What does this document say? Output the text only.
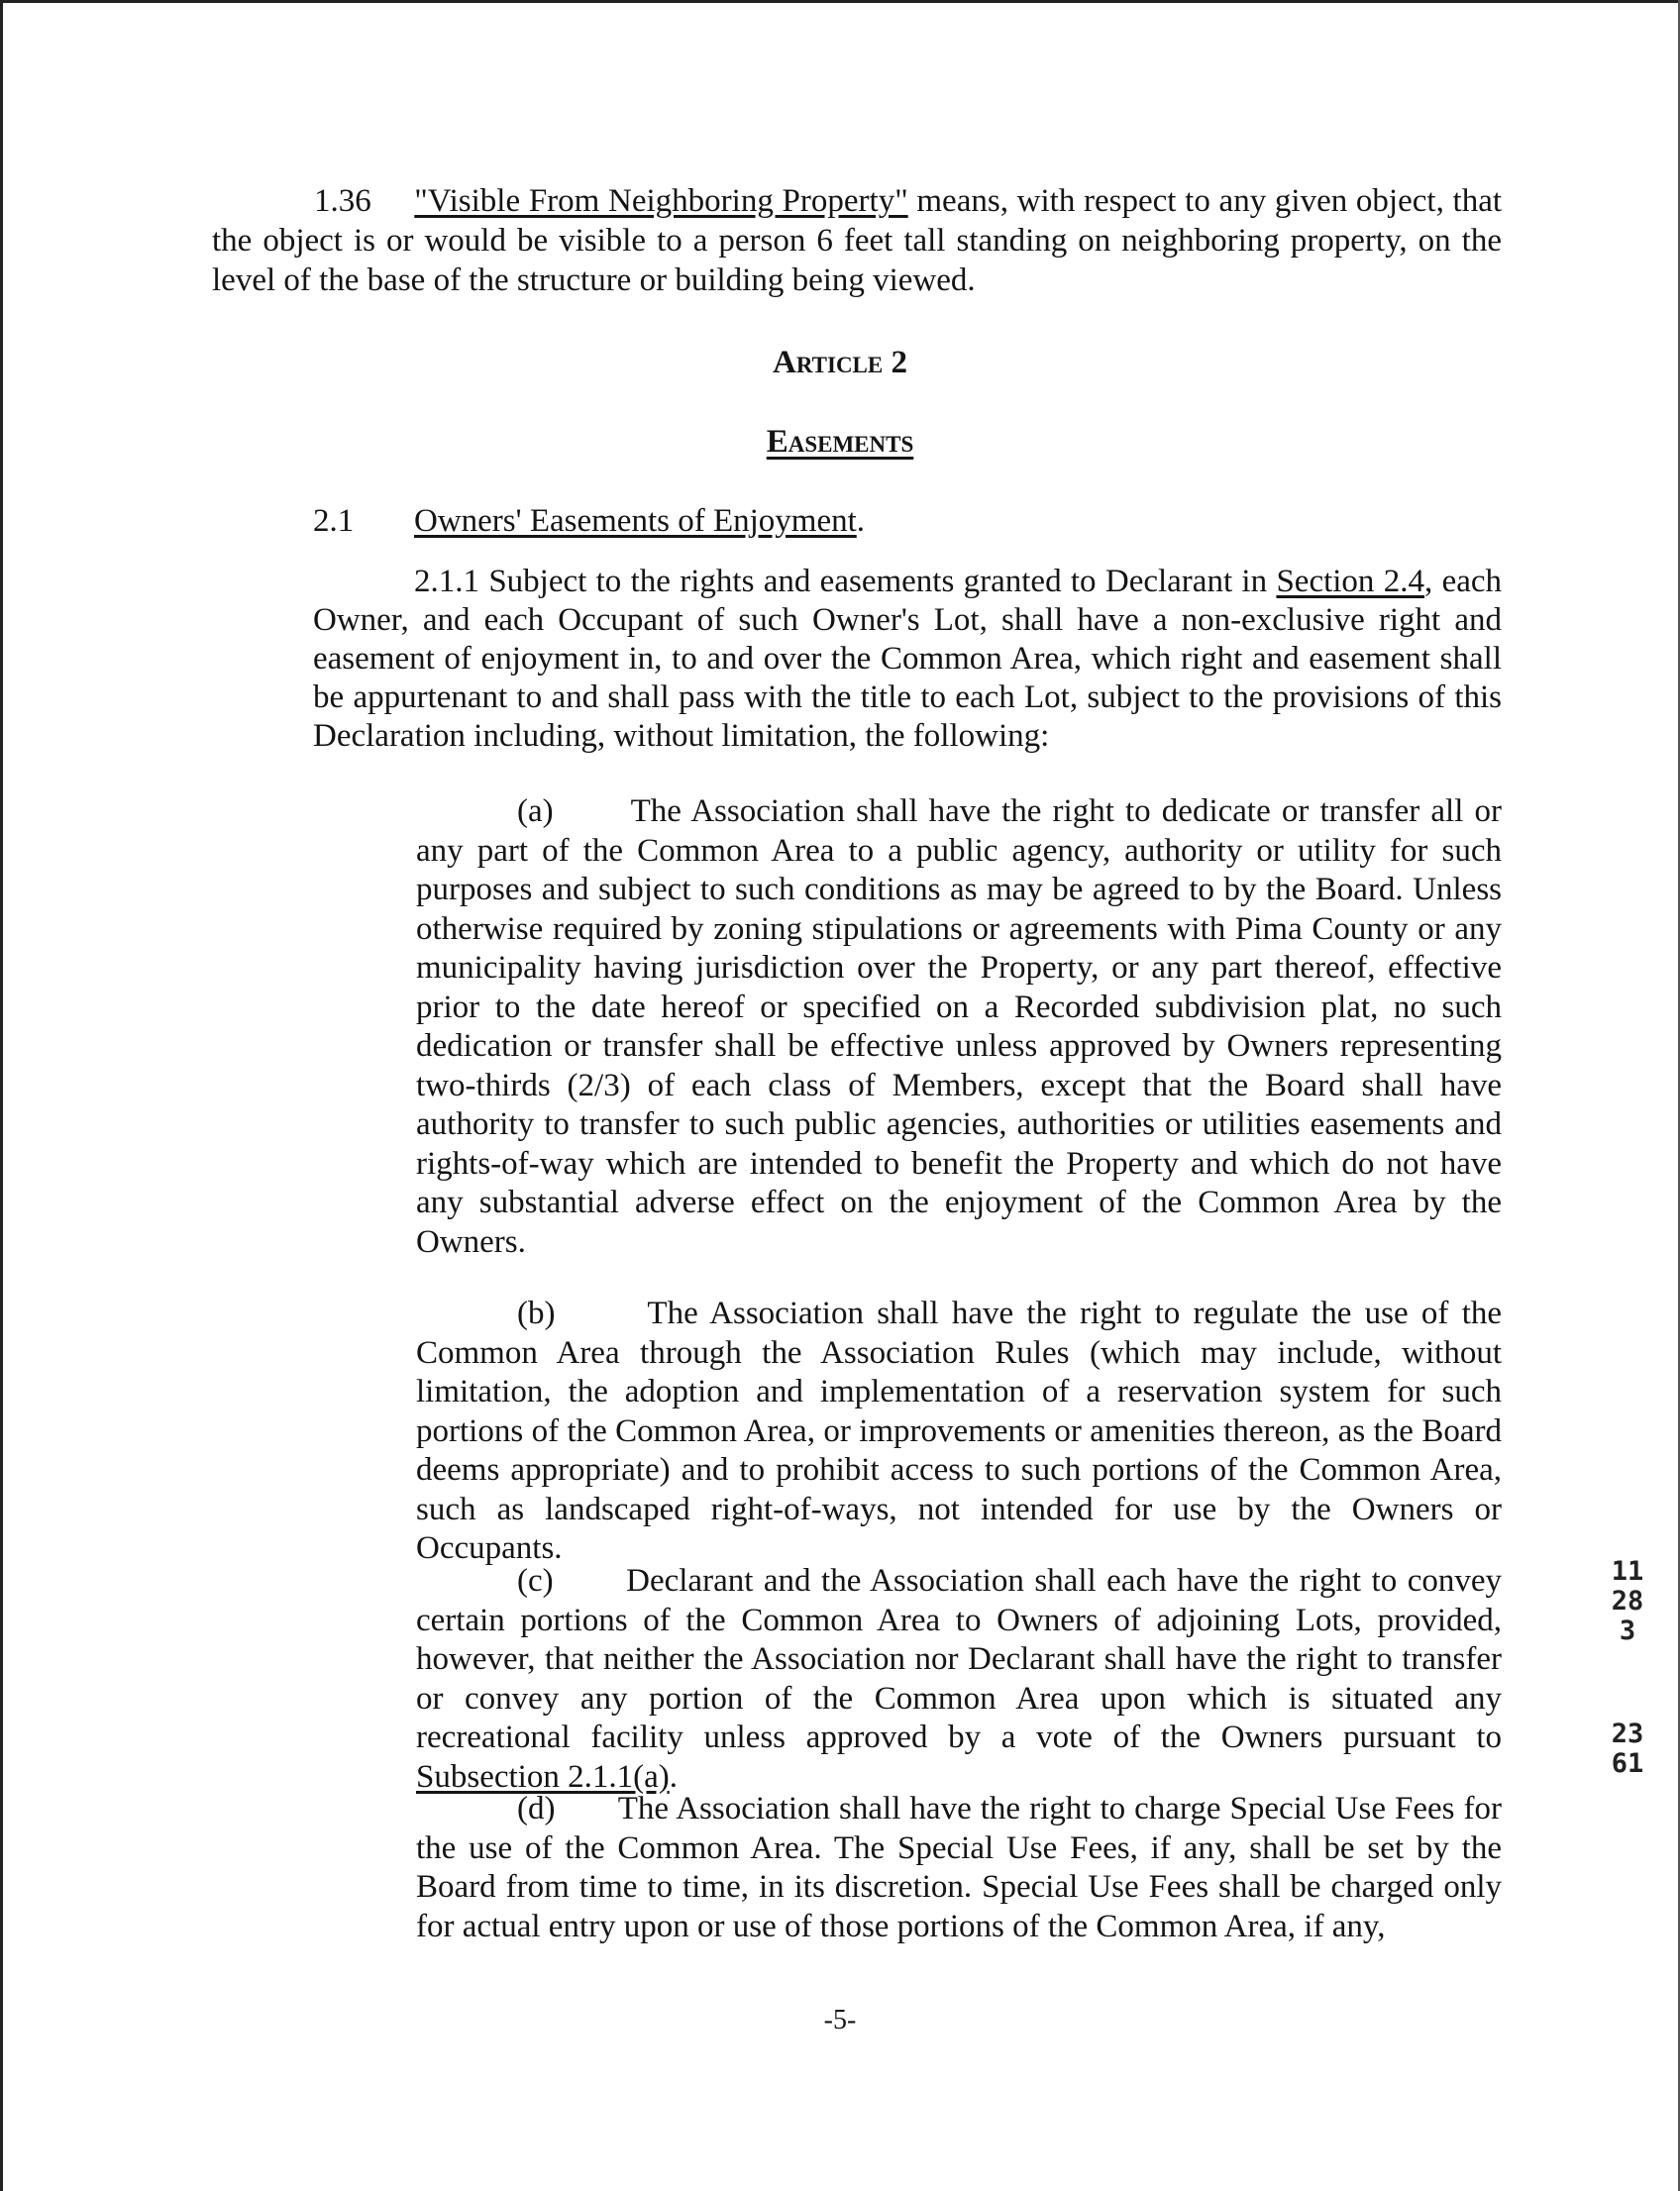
1.36 "Visible From Neighboring Property" means, with respect to any given object, that the object is or would be visible to a person 6 feet tall standing on neighboring property, on the level of the base of the structure or building being viewed.

Article 2
Easements

2.1 Owners' Easements of Enjoyment.

2.1.1 Subject to the rights and easements granted to Declarant in Section 2.4, each Owner, and each Occupant of such Owner's Lot, shall have a non-exclusive right and easement of enjoyment in, to and over the Common Area, which right and easement shall be appurtenant to and shall pass with the title to each Lot, subject to the provisions of this Declaration including, without limitation, the following:

(a) The Association shall have the right to dedicate or transfer all or any part of the Common Area to a public agency, authority or utility for such purposes and subject to such conditions as may be agreed to by the Board. Unless otherwise required by zoning stipulations or agreements with Pima County or any municipality having jurisdiction over the Property, or any part thereof, effective prior to the date hereof or specified on a Recorded subdivision plat, no such dedication or transfer shall be effective unless approved by Owners representing two-thirds (2/3) of each class of Members, except that the Board shall have authority to transfer to such public agencies, authorities or utilities easements and rights-of-way which are intended to benefit the Property and which do not have any substantial adverse effect on the enjoyment of the Common Area by the Owners.

(b)	The Association shall have the right to regulate the use of the Common Area through the Association Rules (which may include, without limitation, the adoption and implementation of a reservation system for such portions of the Common Area, or improvements or amenities thereon, as the Board deems appropriate) and to prohibit access to such portions of the Common Area, such as landscaped right-of-ways, not intended for use by the Owners or Occupants.

(c) Declarant and the Association shall each have the right to convey certain portions of the Common Area to Owners of adjoining Lots, provided, however, that neither the Association nor Declarant shall have the right to transfer or convey any portion of the Common Area upon which is situated any recreational facility unless approved by a vote of the Owners pursuant to Subsection 2.1.1(a).

(d) The Association shall have the right to charge Special Use Fees for the use of the Common Area. The Special Use Fees, if any, shall be set by the Board from time to time, in its discretion. Special Use Fees shall be charged only for actual entry upon or use of those portions of the Common Area, if any,

-5-

11283
2361
